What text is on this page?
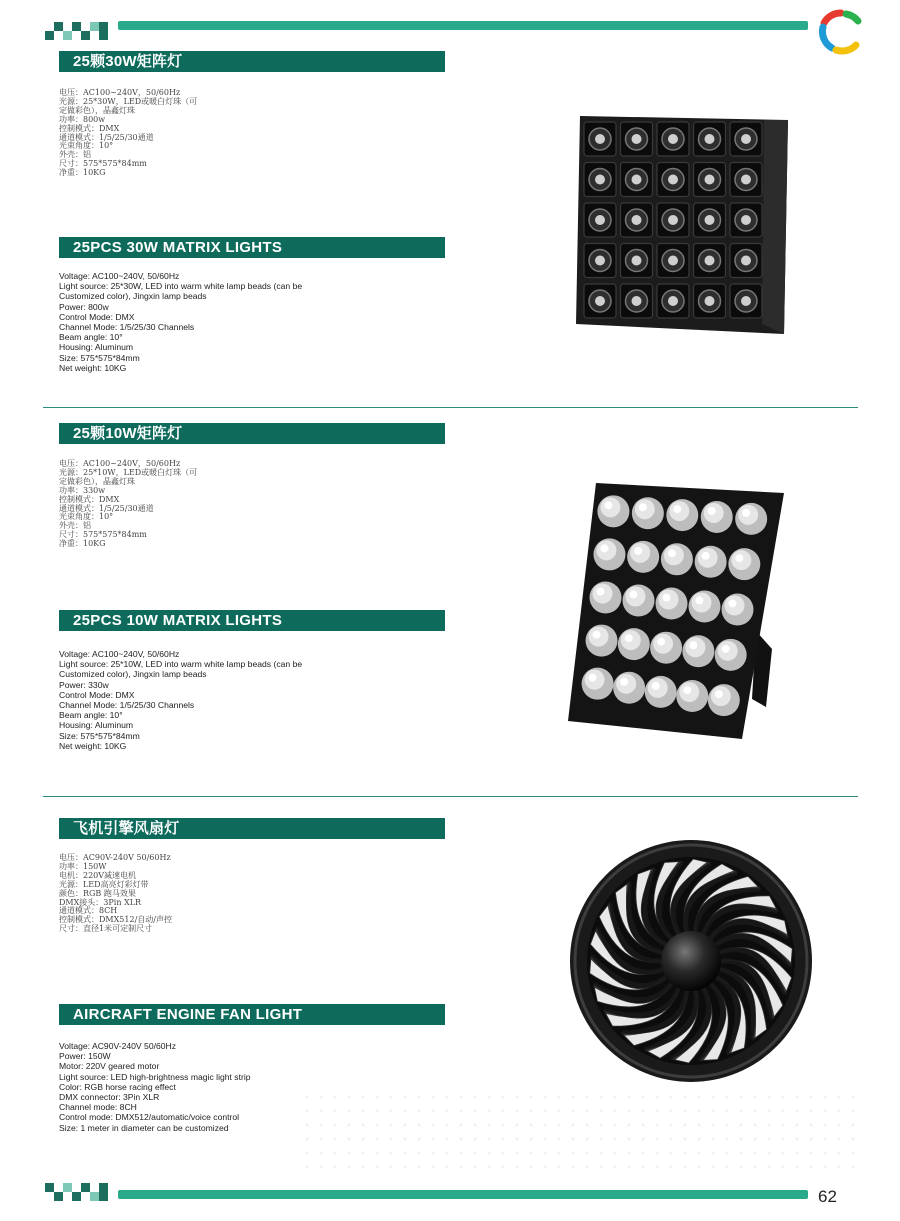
25颗30W矩阵灯
电压：AC100~240V，50/60Hz
光源：25*30W，LED或暖白灯珠（可
定做彩色），晶鑫灯珠
功率：800w
控制模式：DMX
通道模式：1/5/25/30通道
光束角度：10°
外壳：铝
尺寸：575*575*84mm
净重：10KG
25PCS 30W MATRIX LIGHTS
Voltage: AC100~240V, 50/60Hz
Light source: 25*30W, LED into warm white lamp beads (can be
Customized color), Jingxin lamp beads
Power: 800w
Control Mode: DMX
Channel Mode: 1/5/25/30 Channels
Beam angle: 10°
Housing: Aluminum
Size: 575*575*84mm
Net weight: 10KG
25颗10W矩阵灯
电压：AC100~240V，50/60Hz
光源：25*10W，LED或暖白灯珠（可
定做彩色），晶鑫灯珠
功率：330w
控制模式：DMX
通道模式：1/5/25/30通道
光束角度：10°
外壳：铝
尺寸：575*575*84mm
净重：10KG
25PCS 10W MATRIX LIGHTS
Voltage: AC100~240V, 50/60Hz
Light source: 25*10W, LED into warm white lamp beads (can be
Customized color), Jingxin lamp beads
Power: 330w
Control Mode: DMX
Channel Mode: 1/5/25/30 Channels
Beam angle: 10°
Housing: Aluminum
Size: 575*575*84mm
Net weight: 10KG
飞机引擎风扇灯
电压：AC90V-240V 50/60Hz
功率：150W
电机：220V减速电机
光源：LED高亮灯彩灯带
颜色：RGB 跑马效果
DMX接头：3Pin XLR
通道模式：8CH
控制模式：DMX512/自动/声控
尺寸：直径1米可定制尺寸
AIRCRAFT ENGINE FAN LIGHT
Voltage: AC90V-240V 50/60Hz
Power: 150W
Motor: 220V geared motor
Light source: LED high-brightness magic light strip
Color: RGB horse racing effect
DMX connector: 3Pin XLR
Channel mode: 8CH
Control mode: DMX512/automatic/voice control
Size: 1 meter in diameter can be customized
62
